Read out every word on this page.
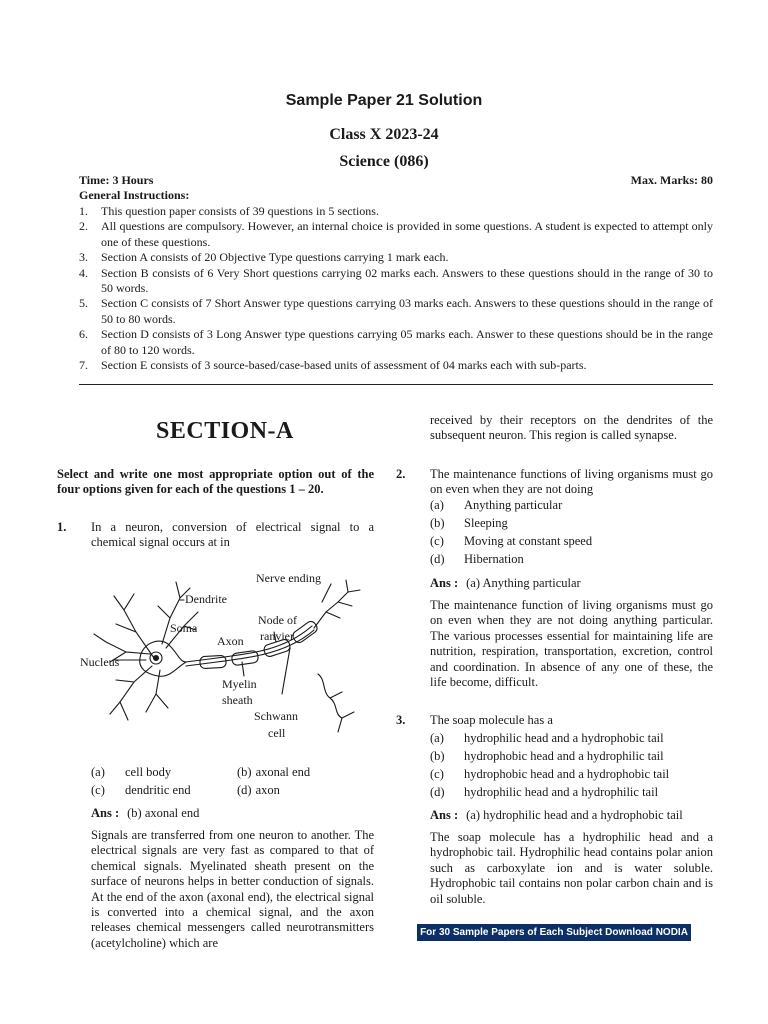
Sample Paper 21 Solution
Class X 2023-24
Science (086)
Time: 3 Hours	Max. Marks: 80
General Instructions:
1.	This question paper consists of 39 questions in 5 sections.
2.	All questions are compulsory. However, an internal choice is provided in some questions. A student is expected to attempt only one of these questions.
3.	Section A consists of 20 Objective Type questions carrying 1 mark each.
4.	Section B consists of 6 Very Short questions carrying 02 marks each. Answers to these questions should in the range of 30 to 50 words.
5.	Section C consists of 7 Short Answer type questions carrying 03 marks each. Answers to these questions should in the range of 50 to 80 words.
6.	Section D consists of 3 Long Answer type questions carrying 05 marks each. Answer to these questions should be in the range of 80 to 120 words.
7.	Section E consists of 3 source-based/case-based units of assessment of 04 marks each with sub-parts.
SECTION-A
Select and write one most appropriate option out of the four options given for each of the questions 1 – 20.
1. In a neuron, conversion of electrical signal to a chemical signal occurs at in
Nerve ending
Dendrite
Soma
Node of
ranvier
Axon
Nucleus
Myelin
sheath
Schwann
cell
(a)	cell body	(b) axonal end
(c)	dendritic end	(d) axon
Ans : (b) axonal end
Signals are transferred from one neuron to another. The electrical signals are very fast as compared to that of chemical signals. Myelinated sheath present on the surface of neurons helps in better conduction of signals. At the end of the axon (axonal end), the electrical signal is converted into a chemical signal, and the axon releases chemical messengers called neurotransmitters (acetylcholine) which are
received by their receptors on the dendrites of the subsequent neuron. This region is called synapse.
2. The maintenance functions of living organisms must go on even when they are not doing
(a)	Anything particular
(b)	Sleeping
(c)	Moving at constant speed
(d)	Hibernation
Ans : (a) Anything particular
The maintenance function of living organisms must go on even when they are not doing anything particular. The various processes essential for maintaining life are nutrition, respiration, transportation, excretion, control and coordination. In absence of any one of these, the life become, difficult.
3. The soap molecule has a
(a)	hydrophilic head and a hydrophobic tail
(b)	hydrophobic head and a hydrophilic tail
(c)	hydrophobic head and a hydrophobic tail
(d)	hydrophilic head and a hydrophilic tail
Ans : (a) hydrophilic head and a hydrophobic tail
The soap molecule has a hydrophilic head and a hydrophobic tail. Hydrophilic head contains polar anion such as carboxylate ion and is water soluble. Hydrophobic tail contains non polar carbon chain and is oil soluble.
For 30 Sample Papers of Each Subject Download NODIA App
